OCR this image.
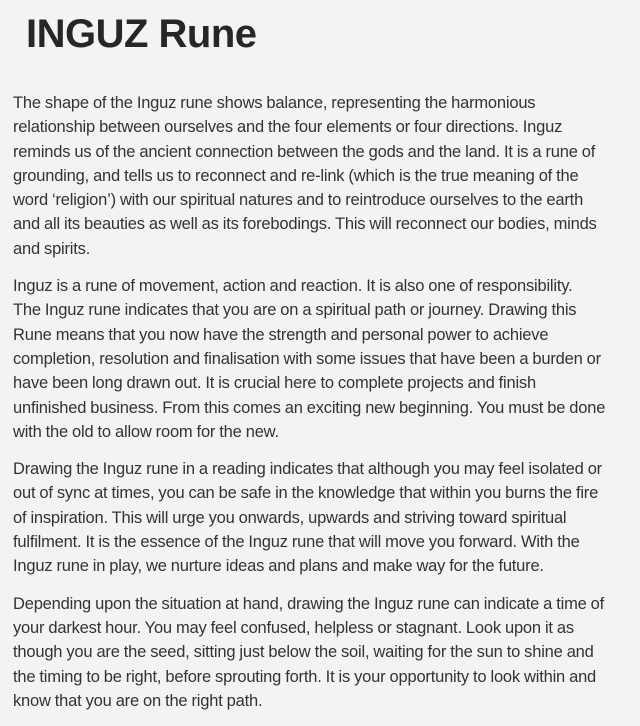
INGUZ Rune

The shape of the Inguz rune shows balance, representing the harmonious
relationship between ourselves and the four elements or four directions. Inguz
reminds us of the ancient connection between the gods and the land. It is a rune of
grounding, and tells us to reconnect and re-link (which is the true meaning of the
word ‘religion’) with our spiritual natures and to reintroduce ourselves to the earth
and all its beauties as well as its forebodings. This will reconnect our bodies, minds
and spirits.

Inguz is a rune of movement, action and reaction. It is also one of responsibility.
The Inguz rune indicates that you are on a spiritual path or journey. Drawing this
Rune means that you now have the strength and personal power to achieve
completion, resolution and finalisation with some issues that have been a burden or
have been long drawn out. It is crucial here to complete projects and finish
unfinished business. From this comes an exciting new beginning. You must be done
with the old to allow room for the new.

Drawing the Inguz rune in a reading indicates that although you may feel isolated or
out of sync at times, you can be safe in the knowledge that within you burns the fire
of inspiration. This will urge you onwards, upwards and striving toward spiritual
fulfilment. It is the essence of the Inguz rune that will move you forward. With the
Inguz rune in play, we nurture ideas and plans and make way for the future.

Depending upon the situation at hand, drawing the Inguz rune can indicate a time of
your darkest hour. You may feel confused, helpless or stagnant. Look upon it as
though you are the seed, sitting just below the soil, waiting for the sun to shine and
the timing to be right, before sprouting forth. It is your opportunity to look within and
know that you are on the right path.
